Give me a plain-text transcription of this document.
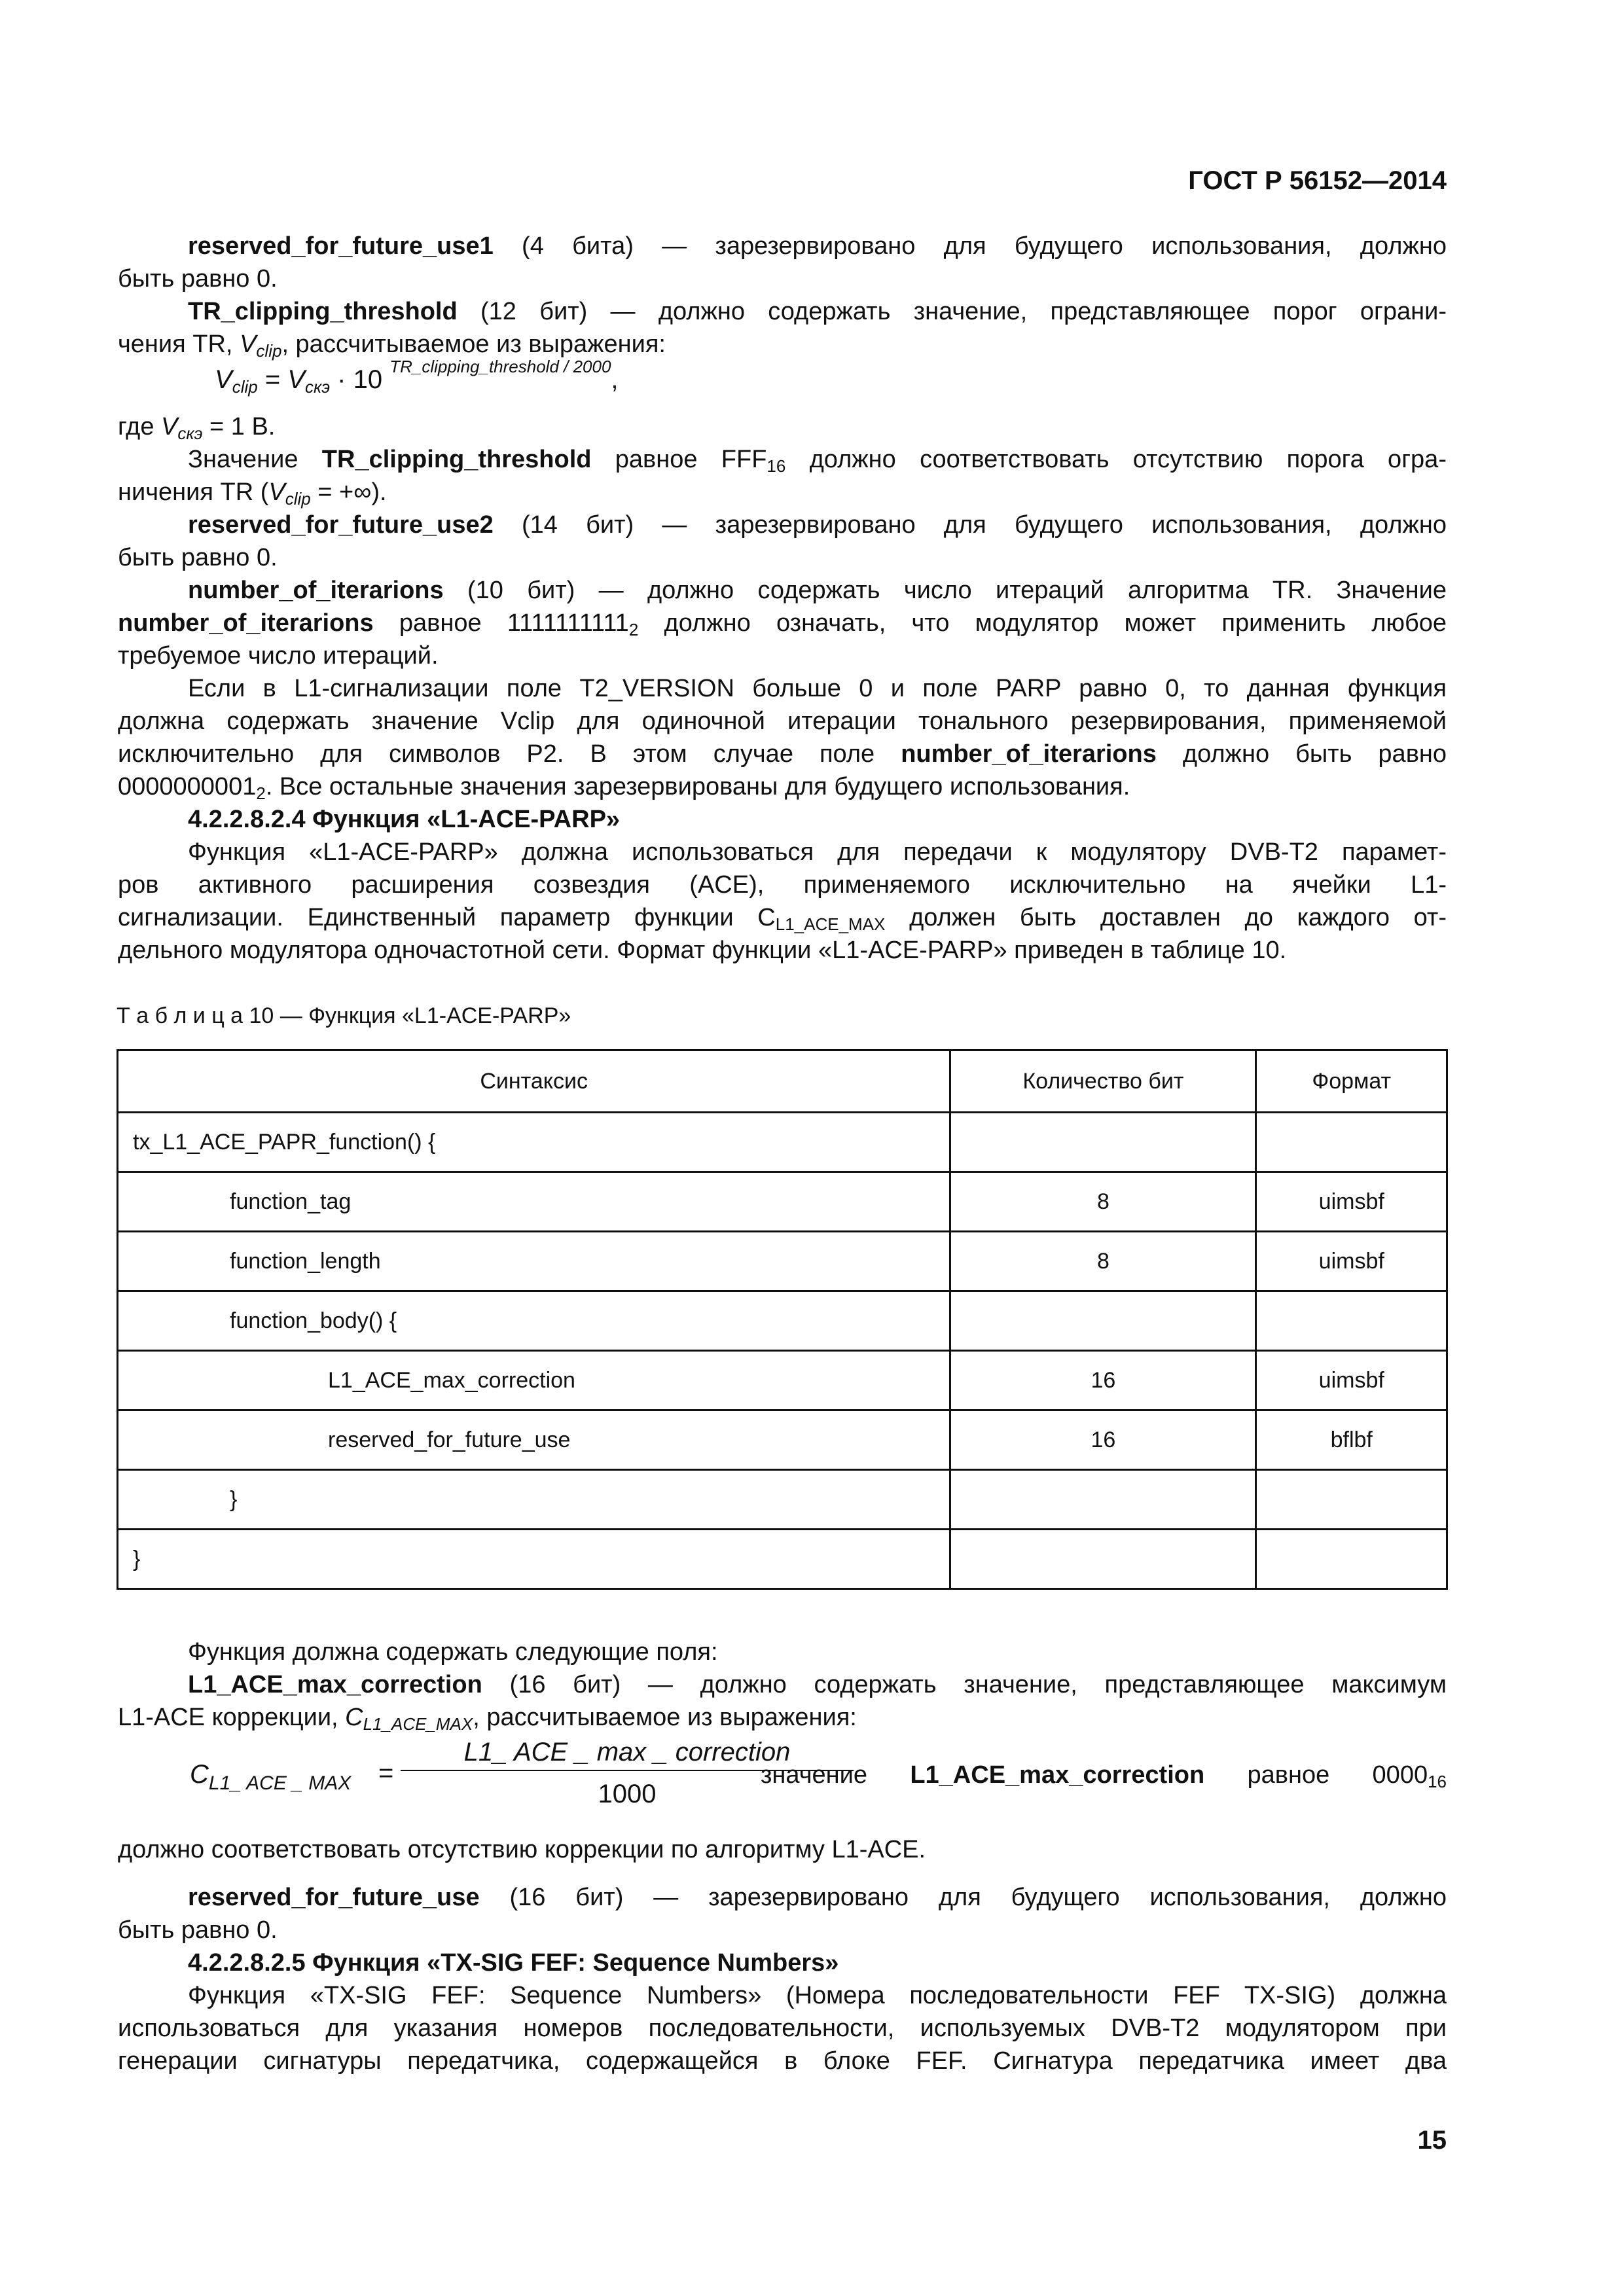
ГОСТ Р 56152—2014

reserved_for_future_use1 (4 бита) — зарезервировано для будущего использования, должно

быть равно 0.

TR_clipping_threshold (12 бит) — должно содержать значение, представляющее порог ограни-

чения TR, $V_{clip}$, рассчитываемое из выражения:

$V_{clip} = V_{скэ} \cdot 10$ $^{TR\_clipping\_threshold / 2000}$,

где $V_{скэ} = 1$ В.

Значение TR_clipping_threshold равное $FFF_{16}$ должно соответствовать отсутствию порога огра-

ничения TR ($V_{clip}$ = +∞).

reserved_for_future_use2 (14 бит) — зарезервировано для будущего использования, должно

быть равно 0.

number_of_iterarions (10 бит) — должно содержать число итераций алгоритма TR. Значение

number_of_iterarions равное $1111111111_2$ должно означать, что модулятор может применить любое

требуемое число итераций.

Если в L1-сигнализации поле T2_VERSION больше 0 и поле PARP равно 0, то данная функция

должна содержать значение Vclip для одиночной итерации тонального резервирования, применяемой

исключительно для символов P2. В этом случае поле number_of_iterarions должно быть равно

$0000000001_2$. Все остальные значения зарезервированы для будущего использования.

4.2.2.8.2.4 Функция «L1-ACE-PARP»

Функция «L1-ACE-PARP» должна использоваться для передачи к модулятору DVB-T2 парамет-

ров активного расширения созвездия (ACE), применяемого исключительно на ячейки L1-

сигнализации. Единственный параметр функции $C_{L1\_ACE\_MAX}$ должен быть доставлен до каждого от-

дельного модулятора одночастотной сети. Формат функции «L1-ACE-PARP» приведен в таблице 10.

Т а б л и ц а 10 — Функция «L1-ACE-PARP»
Синтаксис	Количество бит	Формат
tx_L1_ACE_PAPR_function() {		
function_tag	8	uimsbf
function_length	8	uimsbf
function_body() {		
L1_ACE_max_correction	16	uimsbf
reserved_for_future_use	16	bflbf
}		
}		

Функция должна содержать следующие поля:

L1_ACE_max_correction (16 бит) — должно содержать значение, представляющее максимум

L1-ACE коррекции, $C_{L1\_ACE\_MAX}$, рассчитываемое из выражения:

$C_{L1\_ ACE \_ MAX}$ =
L1_ ACE _ max _ correction
1000
значение L1_ACE_max_correction равное $0000_{16}$

должно соответствовать отсутствию коррекции по алгоритму L1-ACE.

reserved_for_future_use (16 бит) — зарезервировано для будущего использования, должно

быть равно 0.

4.2.2.8.2.5 Функция «TX-SIG FEF: Sequence Numbers»

Функция «TX-SIG FEF: Sequence Numbers» (Номера последовательности FEF TX-SIG) должна

использоваться для указания номеров последовательности, используемых DVB-T2 модулятором при

генерации сигнатуры передатчика, содержащейся в блоке FEF. Сигнатура передатчика имеет два

15
